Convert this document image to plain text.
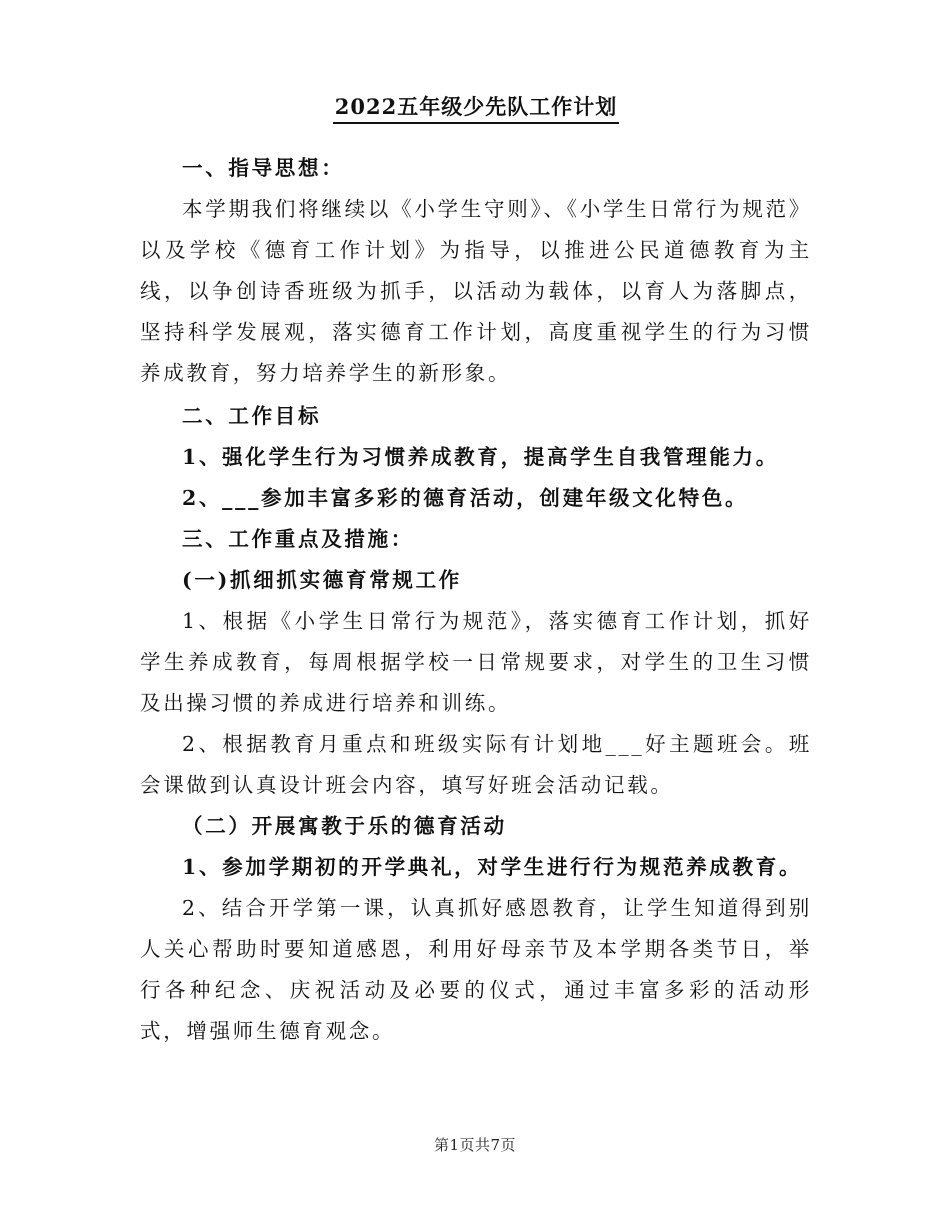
2022五年级少先队工作计划

一、指导思想：

本学期我们将继续以《小学生守则》、《小学生日常行为规范》以及学校《德育工作计划》为指导，以推进公民道德教育为主线，以争创诗香班级为抓手，以活动为载体，以育人为落脚点，坚持科学发展观，落实德育工作计划，高度重视学生的行为习惯养成教育，努力培养学生的新形象。

二、工作目标

1、强化学生行为习惯养成教育，提高学生自我管理能力。

2、___参加丰富多彩的德育活动，创建年级文化特色。

三、工作重点及措施：

(一)抓细抓实德育常规工作

1、根据《小学生日常行为规范》，落实德育工作计划，抓好学生养成教育，每周根据学校一日常规要求，对学生的卫生习惯及出操习惯的养成进行培养和训练。

2、根据教育月重点和班级实际有计划地___好主题班会。班会课做到认真设计班会内容，填写好班会活动记载。

（二）开展寓教于乐的德育活动

1、参加学期初的开学典礼，对学生进行行为规范养成教育。

2、结合开学第一课，认真抓好感恩教育，让学生知道得到别人关心帮助时要知道感恩，利用好母亲节及本学期各类节日，举行各种纪念、庆祝活动及必要的仪式，通过丰富多彩的活动形式，增强师生德育观念。

第1页共7页
